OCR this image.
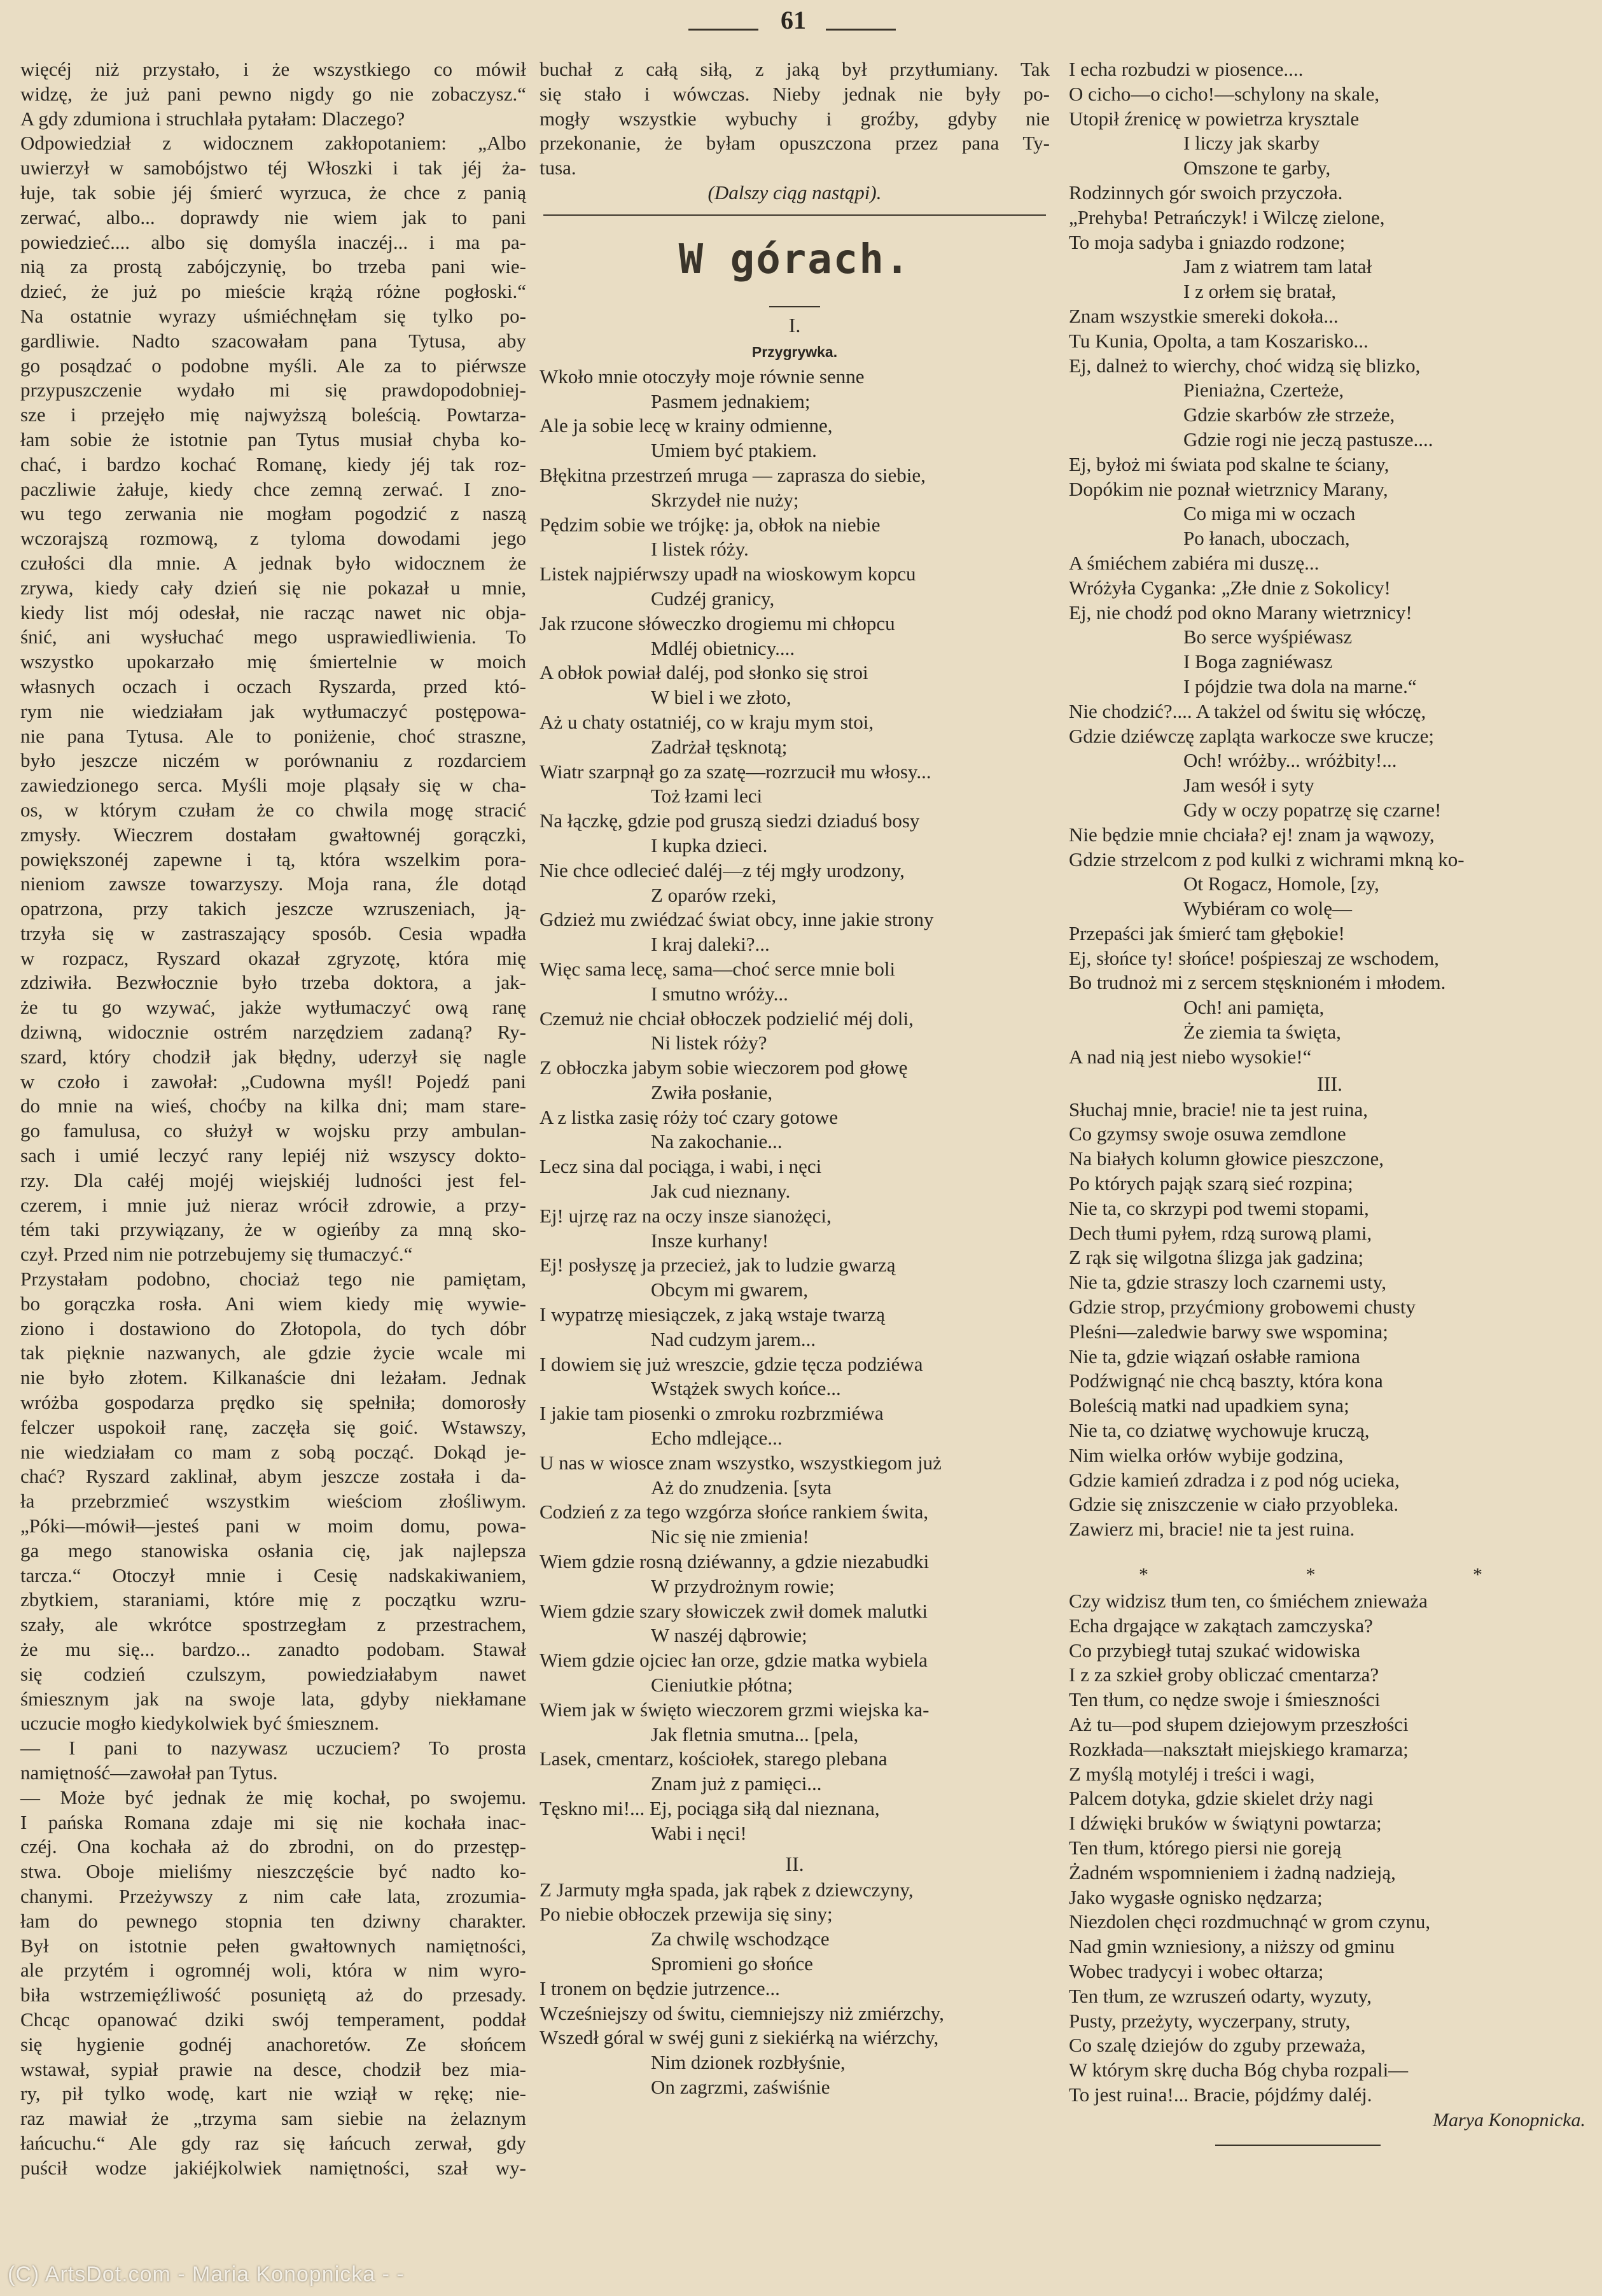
61
więcéj niż przystało, i że wszystkiego co mówił
widzę, że już pani pewno nigdy go nie zobaczysz.“
A gdy zdumiona i struchlała pytałam: Dlaczego?
Odpowiedział z widocznem zakłopotaniem: „Albo
uwierzył w samobójstwo téj Włoszki i tak jéj ża-
łuje, tak sobie jéj śmierć wyrzuca, że chce z panią
zerwać, albo... doprawdy nie wiem jak to pani
powiedzieć.... albo się domyśla inaczéj... i ma pa-
nią za prostą zabójczynię, bo trzeba pani wie-
dzieć, że już po mieście krążą różne pogłoski.“
Na ostatnie wyrazy uśmiéchnęłam się tylko po-
gardliwie. Nadto szacowałam pana Tytusa, aby
go posądzać o podobne myśli. Ale za to piérwsze
przypuszczenie wydało mi się prawdopodobniej-
sze i przejęło mię najwyższą boleścią. Powtarza-
łam sobie że istotnie pan Tytus musiał chyba ko-
chać, i bardzo kochać Romanę, kiedy jéj tak roz-
paczliwie żałuje, kiedy chce zemną zerwać. I zno-
wu tego zerwania nie mogłam pogodzić z naszą
wczorajszą rozmową, z tyloma dowodami jego
czułości dla mnie. A jednak było widocznem że
zrywa, kiedy cały dzień się nie pokazał u mnie,
kiedy list mój odesłał, nie racząc nawet nic obja-
śnić, ani wysłuchać mego usprawiedliwienia. To
wszystko upokarzało mię śmiertelnie w moich
własnych oczach i oczach Ryszarda, przed któ-
rym nie wiedziałam jak wytłumaczyć postępowa-
nie pana Tytusa. Ale to poniżenie, choć straszne,
było jeszcze niczém w porównaniu z rozdarciem
zawiedzionego serca. Myśli moje pląsały się w cha-
os, w którym czułam że co chwila mogę stracić
zmysły. Wieczrem dostałam gwałtownéj gorączki,
powiększonéj zapewne i tą, która wszelkim pora-
nieniom zawsze towarzyszy. Moja rana, źle dotąd
opatrzona, przy takich jeszcze wzruszeniach, ją-
trzyła się w zastraszający sposób. Cesia wpadła
w rozpacz, Ryszard okazał zgryzotę, która mię
zdziwiła. Bezwłocznie było trzeba doktora, a jak-
że tu go wzywać, jakże wytłumaczyć ową ranę
dziwną, widocznie ostrém narzędziem zadaną? Ry-
szard, który chodził jak błędny, uderzył się nagle
w czoło i zawołał: „Cudowna myśl! Pojedź pani
do mnie na wieś, choćby na kilka dni; mam stare-
go famulusa, co służył w wojsku przy ambulan-
sach i umié leczyć rany lepiéj niż wszyscy dokto-
rzy. Dla całéj mojéj wiejskiéj ludności jest fel-
czerem, i mnie już nieraz wrócił zdrowie, a przy-
tém taki przywiązany, że w ogieńby za mną sko-
czył. Przed nim nie potrzebujemy się tłumaczyć.“
Przystałam podobno, chociaż tego nie pamiętam,
bo gorączka rosła. Ani wiem kiedy mię wywie-
ziono i dostawiono do Złotopola, do tych dóbr
tak pięknie nazwanych, ale gdzie życie wcale mi
nie było złotem. Kilkanaście dni leżałam. Jednak
wróżba gospodarza prędko się spełniła; domorosły
felczer uspokoił ranę, zaczęła się goić. Wstawszy,
nie wiedziałam co mam z sobą począć. Dokąd je-
chać? Ryszard zaklinał, abym jeszcze została i da-
ła przebrzmieć wszystkim wieściom złośliwym.
„Póki—mówił—jesteś pani w moim domu, powa-
ga mego stanowiska osłania cię, jak najlepsza
tarcza.“ Otoczył mnie i Cesię nadskakiwaniem,
zbytkiem, staraniami, które mię z początku wzru-
szały, ale wkrótce spostrzegłam z przestrachem,
że mu się... bardzo... zanadto podobam. Stawał
się codzień czulszym, powiedziałabym nawet
śmiesznym jak na swoje lata, gdyby niekłamane
uczucie mogło kiedykolwiek być śmiesznem.
— I pani to nazywasz uczuciem? To prosta
namiętność—zawołał pan Tytus.
— Może być jednak że mię kochał, po swojemu.
I pańska Romana zdaje mi się nie kochała inac-
czéj. Ona kochała aż do zbrodni, on do przestęp-
stwa. Oboje mieliśmy nieszczęście być nadto ko-
chanymi. Przeżywszy z nim całe lata, zrozumia-
łam do pewnego stopnia ten dziwny charakter.
Był on istotnie pełen gwałtownych namiętności,
ale przytém i ogromnéj woli, która w nim wyro-
biła wstrzemięźliwość posuniętą aż do przesady.
Chcąc opanować dziki swój temperament, poddał
się hygienie godnéj anachoretów. Ze słońcem
wstawał, sypiał prawie na desce, chodził bez mia-
ry, pił tylko wodę, kart nie wziął w rękę; nie-
raz mawiał że „trzyma sam siebie na żelaznym
łańcuchu.“ Ale gdy raz się łańcuch zerwał, gdy
puścił wodze jakiéjkolwiek namiętności, szał wy-
buchał z całą siłą, z jaką był przytłumiany. Tak
się stało i wówczas. Nieby jednak nie były po-
mogły wszystkie wybuchy i groźby, gdyby nie
przekonanie, że byłam opuszczona przez pana Ty-
tusa.
(Dalszy ciąg nastąpi).
W górach.
I.
Przygrywka.
Wkoło mnie otoczyły moje równie senne
Pasmem jednakiem;
Ale ja sobie lecę w krainy odmienne,
Umiem być ptakiem.
Błękitna przestrzeń mruga — zaprasza do siebie,
Skrzydeł nie nuży;
Pędzim sobie we trójkę: ja, obłok na niebie
I listek róży.
Listek najpiérwszy upadł na wioskowym kopcu
Cudzéj granicy,
Jak rzucone słóweczko drogiemu mi chłopcu
Mdléj obietnicy....
A obłok powiał daléj, pod słonko się stroi
W biel i we złoto,
Aż u chaty ostatniéj, co w kraju mym stoi,
Zadrżał tęsknotą;
Wiatr szarpnął go za szatę—rozrzucił mu włosy...
Toż łzami leci
Na łączkę, gdzie pod gruszą siedzi dziaduś bosy
I kupka dzieci.
Nie chce odlecieć daléj—z téj mgły urodzony,
Z oparów rzeki,
Gdzież mu zwiédzać świat obcy, inne jakie strony
I kraj daleki?...
Więc sama lecę, sama—choć serce mnie boli
I smutno wróży...
Czemuż nie chciał obłoczek podzielić méj doli,
Ni listek róży?
Z obłoczka jabym sobie wieczorem pod głowę
Zwiła posłanie,
A z listka zasię róży toć czary gotowe
Na zakochanie...
Lecz sina dal pociąga, i wabi, i nęci
Jak cud nieznany.
Ej! ujrzę raz na oczy insze sianożęci,
Insze kurhany!
Ej! posłyszę ja przecież, jak to ludzie gwarzą
Obcym mi gwarem,
I wypatrzę miesiączek, z jaką wstaje twarzą
Nad cudzym jarem...
I dowiem się już wreszcie, gdzie tęcza podziéwa
Wstążek swych końce...
I jakie tam piosenki o zmroku rozbrzmiéwa
Echo mdlejące...
U nas w wiosce znam wszystko, wszystkiegom już
Aż do znudzenia. [syta
Codzień z za tego wzgórza słońce rankiem świta,
Nic się nie zmienia!
Wiem gdzie rosną dziéwanny, a gdzie niezabudki
W przydrożnym rowie;
Wiem gdzie szary słowiczek zwił domek malutki
W naszéj dąbrowie;
Wiem gdzie ojciec łan orze, gdzie matka wybiela
Cieniutkie płótna;
Wiem jak w święto wieczorem grzmi wiejska ka-
Jak fletnia smutna... [pela,
Lasek, cmentarz, kościołek, starego plebana
Znam już z pamięci...
Tęskno mi!... Ej, pociąga siłą dal nieznana,
Wabi i nęci!
II.
Z Jarmuty mgła spada, jak rąbek z dziewczyny,
Po niebie obłoczek przewija się siny;
Za chwilę wschodzące
Spromieni go słońce
I tronem on będzie jutrzence...
Wcześniejszy od świtu, ciemniejszy niż zmiérzchy,
Wszedł góral w swéj guni z siekiérką na wiérzchy,
Nim dzionek rozbłyśnie,
On zagrzmi, zaświśnie
I echa rozbudzi w piosence....
O cicho—o cicho!—schylony na skale,
Utopił źrenicę w powietrza krysztale
I liczy jak skarby
Omszone te garby,
Rodzinnych gór swoich przyczoła.
„Prehyba! Petrańczyk! i Wilczę zielone,
To moja sadyba i gniazdo rodzone;
Jam z wiatrem tam latał
I z orłem się bratał,
Znam wszystkie smereki dokoła...
Tu Kunia, Opolta, a tam Koszarisko...
Ej, dalneż to wierchy, choć widzą się blizko,
Pieniażna, Czerteże,
Gdzie skarbów złe strzeże,
Gdzie rogi nie jeczą pastusze....
Ej, byłoż mi świata pod skalne te ściany,
Dopókim nie poznał wietrznicy Marany,
Co miga mi w oczach
Po łanach, uboczach,
A śmiéchem zabiéra mi duszę...
Wróżyła Cyganka: „Złe dnie z Sokolicy!
Ej, nie chodź pod okno Marany wietrznicy!
Bo serce wyśpiéwasz
I Boga zagniéwasz
I pójdzie twa dola na marne.“
Nie chodzić?.... A takżel od świtu się włóczę,
Gdzie dziéwczę zapląta warkocze swe krucze;
Och! wróżby... wróżbity!...
Jam wesół i syty
Gdy w oczy popatrzę się czarne!
Nie będzie mnie chciała? ej! znam ja wąwozy,
Gdzie strzelcom z pod kulki z wichrami mkną ko-
Ot Rogacz, Homole, [zy,
Wybiéram co wolę—
Przepaści jak śmierć tam głębokie!
Ej, słońce ty! słońce! pośpieszaj ze wschodem,
Bo trudnoż mi z sercem stęsknioném i młodem.
Och! ani pamięta,
Że ziemia ta święta,
A nad nią jest niebo wysokie!“
III.
Słuchaj mnie, bracie! nie ta jest ruina,
Co gzymsy swoje osuwa zemdlone
Na białych kolumn głowice pieszczone,
Po których pająk szarą sieć rozpina;
Nie ta, co skrzypi pod twemi stopami,
Dech tłumi pyłem, rdzą surową plami,
Z rąk się wilgotna ślizga jak gadzina;
Nie ta, gdzie straszy loch czarnemi usty,
Gdzie strop, przyćmiony grobowemi chusty
Pleśni—zaledwie barwy swe wspomina;
Nie ta, gdzie wiązań osłabłe ramiona
Podźwignąć nie chcą baszty, która kona
Boleścią matki nad upadkiem syna;
Nie ta, co dziatwę wychowuje kruczą,
Nim wielka orłów wybije godzina,
Gdzie kamień zdradza i z pod nóg ucieka,
Gdzie się zniszczenie w ciało przyoblekа.
Zawierz mi, bracie! nie ta jest ruina.
* * *
Czy widzisz tłum ten, co śmiéchem znieważa
Echa drgające w zakątach zamczyska?
Co przybiegł tutaj szukać widowiska
I z za szkieł groby obliczać cmentarza?
Ten tłum, co nędze swoje i śmieszności
Aż tu—pod słupem dziejowym przeszłości
Rozkłada—nakształt miejskiego kramarza;
Z myślą motyléj i treści i wagi,
Palcem dotyka, gdzie skielet drży nagi
I dźwięki bruków w świątyni powtarza;
Ten tłum, którego piersi nie goreją
Żadném wspomnieniem i żadną nadzieją,
Jako wygasłe ognisko nędzarza;
Niezdolen chęci rozdmuchnąć w grom czynu,
Nad gmin wzniesiony, a niższy od gminu
Wobec tradycyi i wobec ołtarza;
Ten tłum, ze wzruszeń odarty, wyzuty,
Pusty, przeżyty, wyczerpany, struty,
Co szalę dziejów do zguby przeważa,
W którym skrę ducha Bóg chyba rozpali—
To jest ruina!... Bracie, pójdźmy daléj.
Marya Konopnicka.
(C) ArtsDot.com - Maria Konopnicka - -
